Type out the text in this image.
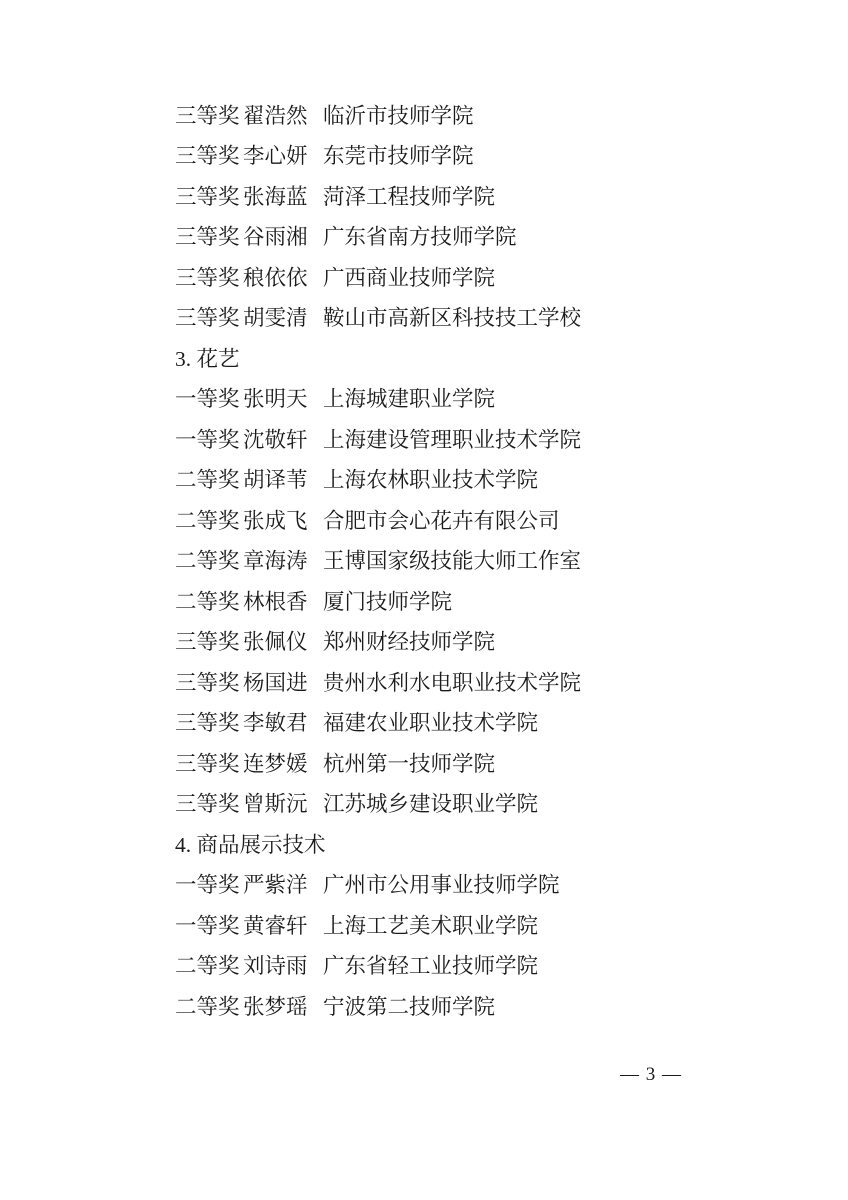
三等奖 翟浩然 临沂市技师学院
三等奖 李心妍 东莞市技师学院
三等奖 张海蓝 菏泽工程技师学院
三等奖 谷雨湘 广东省南方技师学院
三等奖 稂依依 广西商业技师学院
三等奖 胡雯清 鞍山市高新区科技技工学校
3. 花艺
一等奖 张明天 上海城建职业学院
一等奖 沈敬轩 上海建设管理职业技术学院
二等奖 胡译苇 上海农林职业技术学院
二等奖 张成飞 合肥市会心花卉有限公司
二等奖 章海涛 王博国家级技能大师工作室
二等奖 林根香 厦门技师学院
三等奖 张佩仪 郑州财经技师学院
三等奖 杨国进 贵州水利水电职业技术学院
三等奖 李敏君 福建农业职业技术学院
三等奖 连梦媛 杭州第一技师学院
三等奖 曾斯沅 江苏城乡建设职业学院
4. 商品展示技术
一等奖 严紫洋 广州市公用事业技师学院
一等奖 黄睿轩 上海工艺美术职业学院
二等奖 刘诗雨 广东省轻工业技师学院
二等奖 张梦瑶 宁波第二技师学院
— 3 —
